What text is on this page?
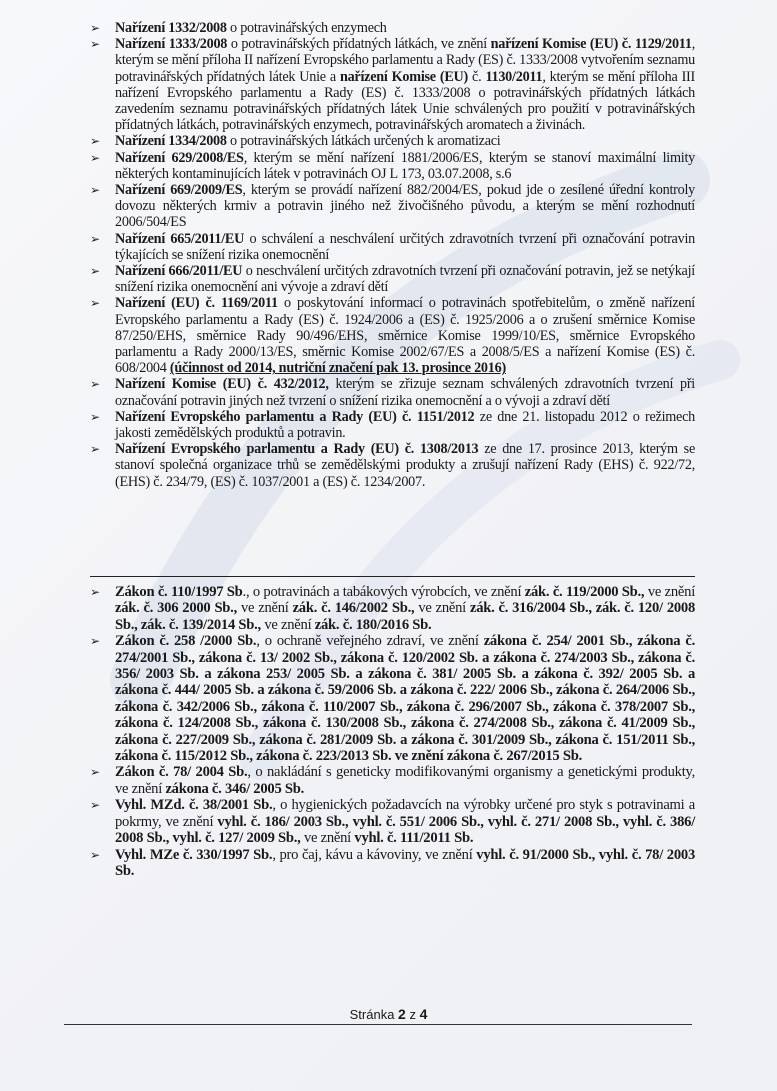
➢ Nařízení 1332/2008 o potravinářských enzymech
➢ Nařízení 1333/2008 o potravinářských přídatných látkách, ve znění nařízení Komise (EU) č. 1129/2011, kterým se mění příloha II nařízení Evropského parlamentu a Rady (ES) č. 1333/2008 vytvořením seznamu potravinářských přídatných látek Unie a nařízení Komise (EU) č. 1130/2011, kterým se mění příloha III nařízení Evropského parlamentu a Rady (ES) č. 1333/2008 o potravinářských přídatných látkách zavedením seznamu potravinářských přídatných látek Unie schválených pro použití v potravinářských přídatných látkách, potravinářských enzymech, potravinářských aromatech a živinách.
➢ Nařízení 1334/2008 o potravinářských látkách určených k aromatizaci
➢ Nařízení 629/2008/ES, kterým se mění nařízení 1881/2006/ES, kterým se stanoví maximální limity některých kontaminujících látek v potravinách OJ L 173, 03.07.2008, s.6
➢ Nařízení 669/2009/ES, kterým se provádí nařízení 882/2004/ES, pokud jde o zesílené úřední kontroly dovozu některých krmiv a potravin jiného než živočišného původu, a kterým se mění rozhodnutí 2006/504/ES
➢ Nařízení 665/2011/EU o schválení a neschválení určitých zdravotních tvrzení při označování potravin týkajících se snížení rizika onemocnění
➢ Nařízení 666/2011/EU o neschválení určitých zdravotních tvrzení při označování potravin, jež se netýkají snížení rizika onemocnění ani vývoje a zdraví dětí
➢ Nařízení (EU) č. 1169/2011 o poskytování informací o potravinách spotřebitelům, o změně nařízení Evropského parlamentu a Rady (ES) č. 1924/2006 a (ES) č. 1925/2006 a o zrušení směrnice Komise 87/250/EHS, směrnice Rady 90/496/EHS, směrnice Komise 1999/10/ES, směrnice Evropského parlamentu a Rady 2000/13/ES, směrnic Komise 2002/67/ES a 2008/5/ES a nařízení Komise (ES) č. 608/2004 (účinnost od 2014, nutriční značení pak 13. prosince 2016)
➢ Nařízení Komise (EU) č. 432/2012, kterým se zřizuje seznam schválených zdravotních tvrzení při označování potravin jiných než tvrzení o snížení rizika onemocnění a o vývoji a zdraví dětí
➢ Nařízení Evropského parlamentu a Rady (EU) č. 1151/2012 ze dne 21. listopadu 2012 o režimech jakosti zemědělských produktů a potravin.
➢ Nařízení Evropského parlamentu a Rady (EU) č. 1308/2013 ze dne 17. prosince 2013, kterým se stanoví společná organizace trhů se zemědělskými produkty a zrušují nařízení Rady (EHS) č. 922/72, (EHS) č. 234/79, (ES) č. 1037/2001 a (ES) č. 1234/2007.
➢ Zákon č. 110/1997 Sb., o potravinách a tabákových výrobcích, ve znění zák. č. 119/2000 Sb., ve znění zák. č. 306 2000 Sb., ve znění zák. č. 146/2002 Sb., ve znění zák. č. 316/2004 Sb., zák. č. 120/ 2008 Sb., zák. č. 139/2014 Sb., ve znění zák. č. 180/2016 Sb.
➢ Zákon č. 258 /2000 Sb., o ochraně veřejného zdraví, ve znění zákona č. 254/ 2001 Sb., zákona č. 274/2001 Sb., zákona č. 13/ 2002 Sb., zákona č. 120/2002 Sb. a zákona č. 274/2003 Sb., zákona č. 356/ 2003 Sb. a zákona 253/ 2005 Sb. a zákona č. 381/ 2005 Sb. a zákona č. 392/ 2005 Sb. a zákona č. 444/ 2005 Sb. a zákona č. 59/2006 Sb. a zákona č. 222/ 2006 Sb., zákona č. 264/2006 Sb., zákona č. 342/2006 Sb., zákona č. 110/2007 Sb., zákona č. 296/2007 Sb., zákona č. 378/2007 Sb., zákona č. 124/2008 Sb., zákona č. 130/2008 Sb., zákona č. 274/2008 Sb., zákona č. 41/2009 Sb., zákona č. 227/2009 Sb., zákona č. 281/2009 Sb. a zákona č. 301/2009 Sb., zákona č. 151/2011 Sb., zákona č. 115/2012 Sb., zákona č. 223/2013 Sb. ve znění zákona č. 267/2015 Sb.
➢ Zákon č. 78/ 2004 Sb., o nakládání s geneticky modifikovanými organismy a genetickými produkty, ve znění zákona č. 346/ 2005 Sb.
➢ Vyhl. MZd. č. 38/2001 Sb., o hygienických požadavcích na výrobky určené pro styk s potravinami a pokrmy, ve znění vyhl. č. 186/ 2003 Sb., vyhl. č. 551/ 2006 Sb., vyhl. č. 271/ 2008 Sb., vyhl. č. 386/ 2008 Sb., vyhl. č. 127/ 2009 Sb., ve znění vyhl. č. 111/2011 Sb.
➢ Vyhl. MZe č. 330/1997 Sb., pro čaj, kávu a kávoviny, ve znění vyhl. č. 91/2000 Sb., vyhl. č. 78/ 2003 Sb.
Stránka 2 z 4
